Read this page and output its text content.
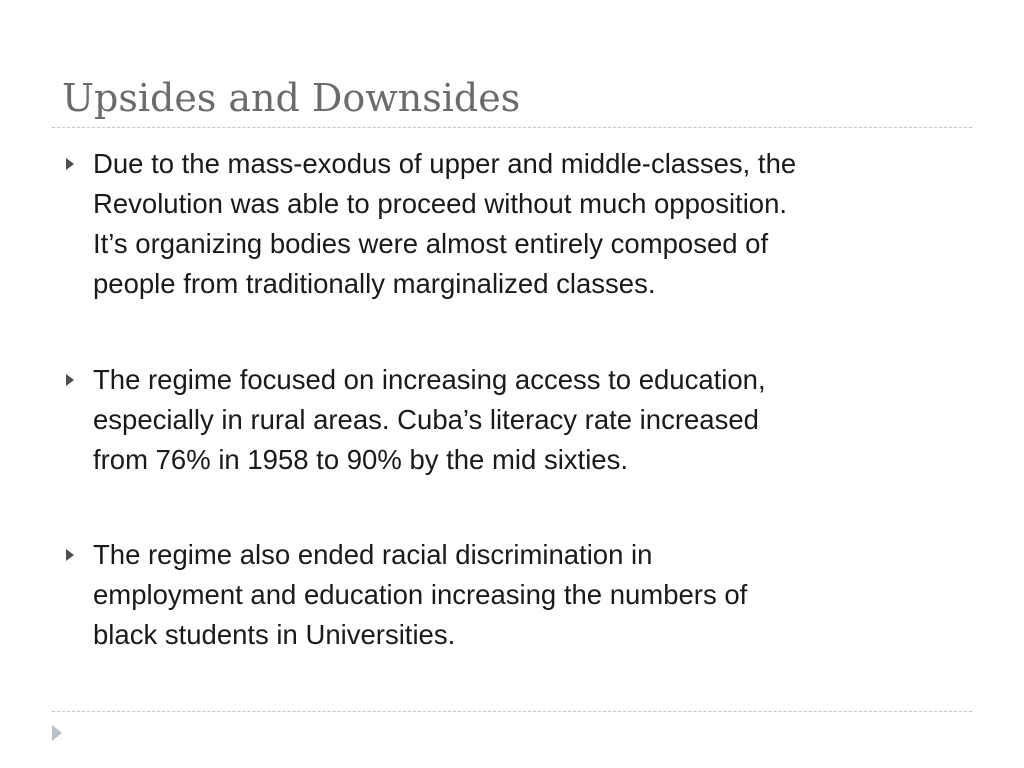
Upsides and Downsides

Due to the mass-exodus of upper and middle-classes, the
Revolution was able to proceed without much opposition.
It’s organizing bodies were almost entirely composed of
people from traditionally marginalized classes.

The regime focused on increasing access to education,
especially in rural areas. Cuba’s literacy rate increased
from 76% in 1958 to 90% by the mid sixties.

The regime also ended racial discrimination in
employment and education increasing the numbers of
black students in Universities.
